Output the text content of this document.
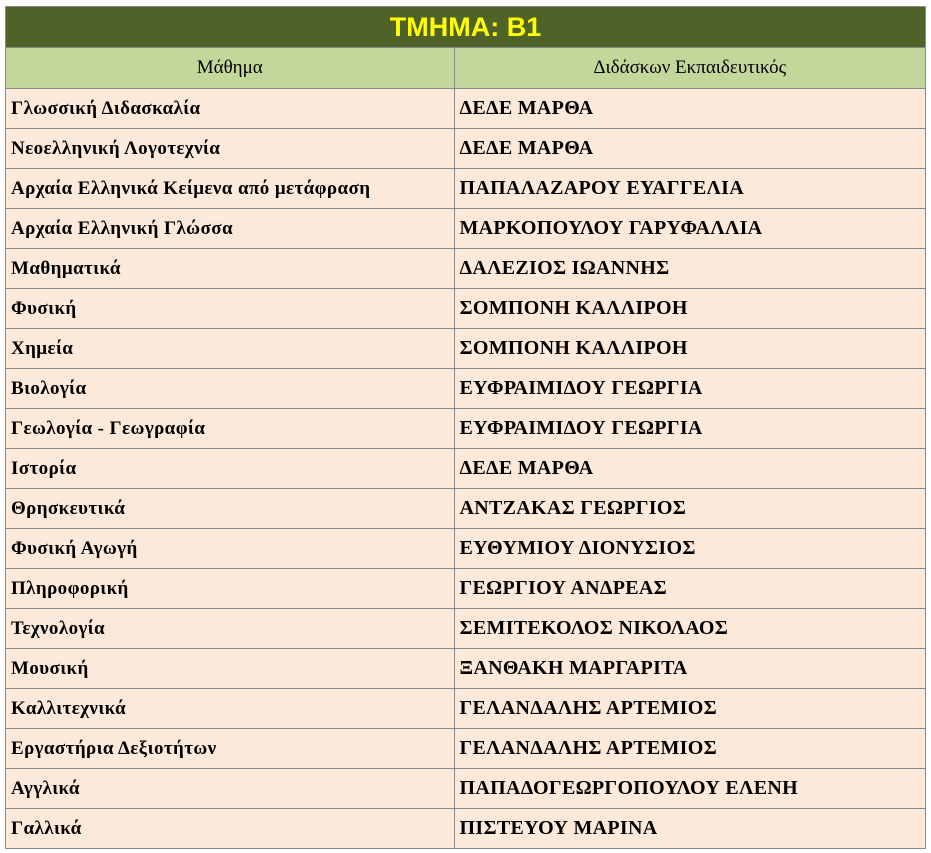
ΤΜΗΜΑ: Β1
Μάθημα	Διδάσκων Εκπαιδευτικός
Γλωσσική Διδασκαλία	ΔΕΔΕ ΜΑΡΘΑ
Νεοελληνική Λογοτεχνία	ΔΕΔΕ ΜΑΡΘΑ
Αρχαία Ελληνικά Κείμενα από μετάφραση	ΠΑΠΑΛΑΖΑΡΟΥ ΕΥΑΓΓΕΛΙΑ
Αρχαία Ελληνική Γλώσσα	ΜΑΡΚΟΠΟΥΛΟΥ ΓΑΡΥΦΑΛΛΙΑ
Μαθηματικά	ΔΑΛΕΖΙΟΣ ΙΩΑΝΝΗΣ
Φυσική	ΣΟΜΠΟΝΗ ΚΑΛΛΙΡΟΗ
Χημεία	ΣΟΜΠΟΝΗ ΚΑΛΛΙΡΟΗ
Βιολογία	ΕΥΦΡΑΙΜΙΔΟΥ ΓΕΩΡΓΙΑ
Γεωλογία - Γεωγραφία	ΕΥΦΡΑΙΜΙΔΟΥ ΓΕΩΡΓΙΑ
Ιστορία	ΔΕΔΕ ΜΑΡΘΑ
Θρησκευτικά	ΑΝΤΖΑΚΑΣ ΓΕΩΡΓΙΟΣ
Φυσική Αγωγή	ΕΥΘΥΜΙΟΥ ΔΙΟΝΥΣΙΟΣ
Πληροφορική	ΓΕΩΡΓΙΟΥ ΑΝΔΡΕΑΣ
Τεχνολογία	ΣΕΜΙΤΕΚΟΛΟΣ ΝΙΚΟΛΑΟΣ
Μουσική	ΞΑΝΘΑΚΗ ΜΑΡΓΑΡΙΤΑ
Καλλιτεχνικά	ΓΕΛΑΝΔΑΛΗΣ ΑΡΤΕΜΙΟΣ
Εργαστήρια Δεξιοτήτων	ΓΕΛΑΝΔΑΛΗΣ ΑΡΤΕΜΙΟΣ
Αγγλικά	ΠΑΠΑΔΟΓΕΩΡΓΟΠΟΥΛΟΥ ΕΛΕΝΗ
Γαλλικά	ΠΙΣΤΕΥΟΥ ΜΑΡΙΝΑ
